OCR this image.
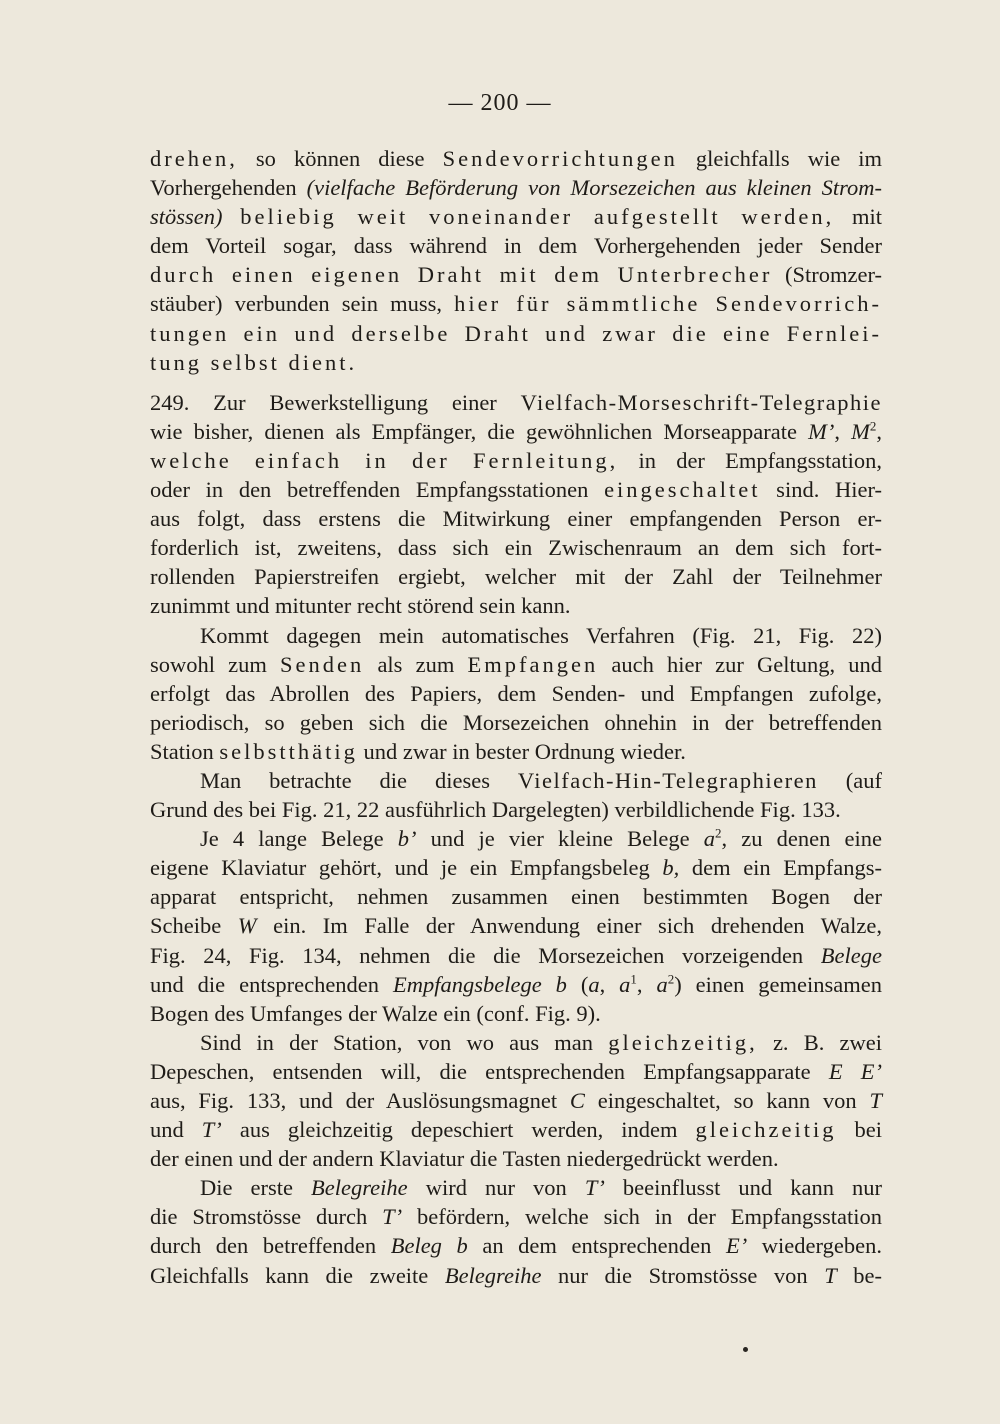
— 200 —
drehen, so können diese Sendevorrichtungen gleichfalls wie im
Vorhergehenden (vielfache Beförderung von Morsezeichen aus kleinen Strom-
stössen) beliebig weit voneinander aufgestellt werden, mit
dem Vorteil sogar, dass während in dem Vorhergehenden jeder Sender
durch einen eigenen Draht mit dem Unterbrecher (Stromzer-
stäuber) verbunden sein muss, hier für sämmtliche Sendevorrich-
tungen ein und derselbe Draht und zwar die eine Fernlei-
tung selbst dient.
249. Zur Bewerkstelligung einer Vielfach-Morseschrift-Telegraphie
wie bisher, dienen als Empfänger, die gewöhnlichen Morseapparate M’, $M^2$,
welche einfach in der Fernleitung, in der Empfangsstation,
oder in den betreffenden Empfangsstationen eingeschaltet sind. Hier-
aus folgt, dass erstens die Mitwirkung einer empfangenden Person er-
forderlich ist, zweitens, dass sich ein Zwischenraum an dem sich fort-
rollenden Papierstreifen ergiebt, welcher mit der Zahl der Teilnehmer
zunimmt und mitunter recht störend sein kann.
Kommt dagegen mein automatisches Verfahren (Fig. 21, Fig. 22)
sowohl zum Senden als zum Empfangen auch hier zur Geltung, und
erfolgt das Abrollen des Papiers, dem Senden- und Empfangen zufolge,
periodisch, so geben sich die Morsezeichen ohnehin in der betreffenden
Station selbstthätig und zwar in bester Ordnung wieder.
Man betrachte die dieses Vielfach-Hin-Telegraphieren (auf
Grund des bei Fig. 21, 22 ausführlich Dargelegten) verbildlichende Fig. 133.
Je 4 lange Belege b’ und je vier kleine Belege $a^2$, zu denen eine
eigene Klaviatur gehört, und je ein Empfangsbeleg b, dem ein Empfangs-
apparat entspricht, nehmen zusammen einen bestimmten Bogen der
Scheibe W ein. Im Falle der Anwendung einer sich drehenden Walze,
Fig. 24, Fig. 134, nehmen die die Morsezeichen vorzeigenden Belege
und die entsprechenden Empfangsbelege b (a, $a^1$, $a^2$) einen gemeinsamen
Bogen des Umfanges der Walze ein (conf. Fig. 9).
Sind in der Station, von wo aus man gleichzeitig, z. B. zwei
Depeschen, entsenden will, die entsprechenden Empfangsapparate E E’
aus, Fig. 133, und der Auslösungsmagnet C eingeschaltet, so kann von T
und T’ aus gleichzeitig depeschiert werden, indem gleichzeitig bei
der einen und der andern Klaviatur die Tasten niedergedrückt werden.
Die erste Belegreihe wird nur von T’ beeinflusst und kann nur
die Stromstösse durch T’ befördern, welche sich in der Empfangsstation
durch den betreffenden Beleg b an dem entsprechenden E’ wiedergeben.
Gleichfalls kann die zweite Belegreihe nur die Stromstösse von T be-
